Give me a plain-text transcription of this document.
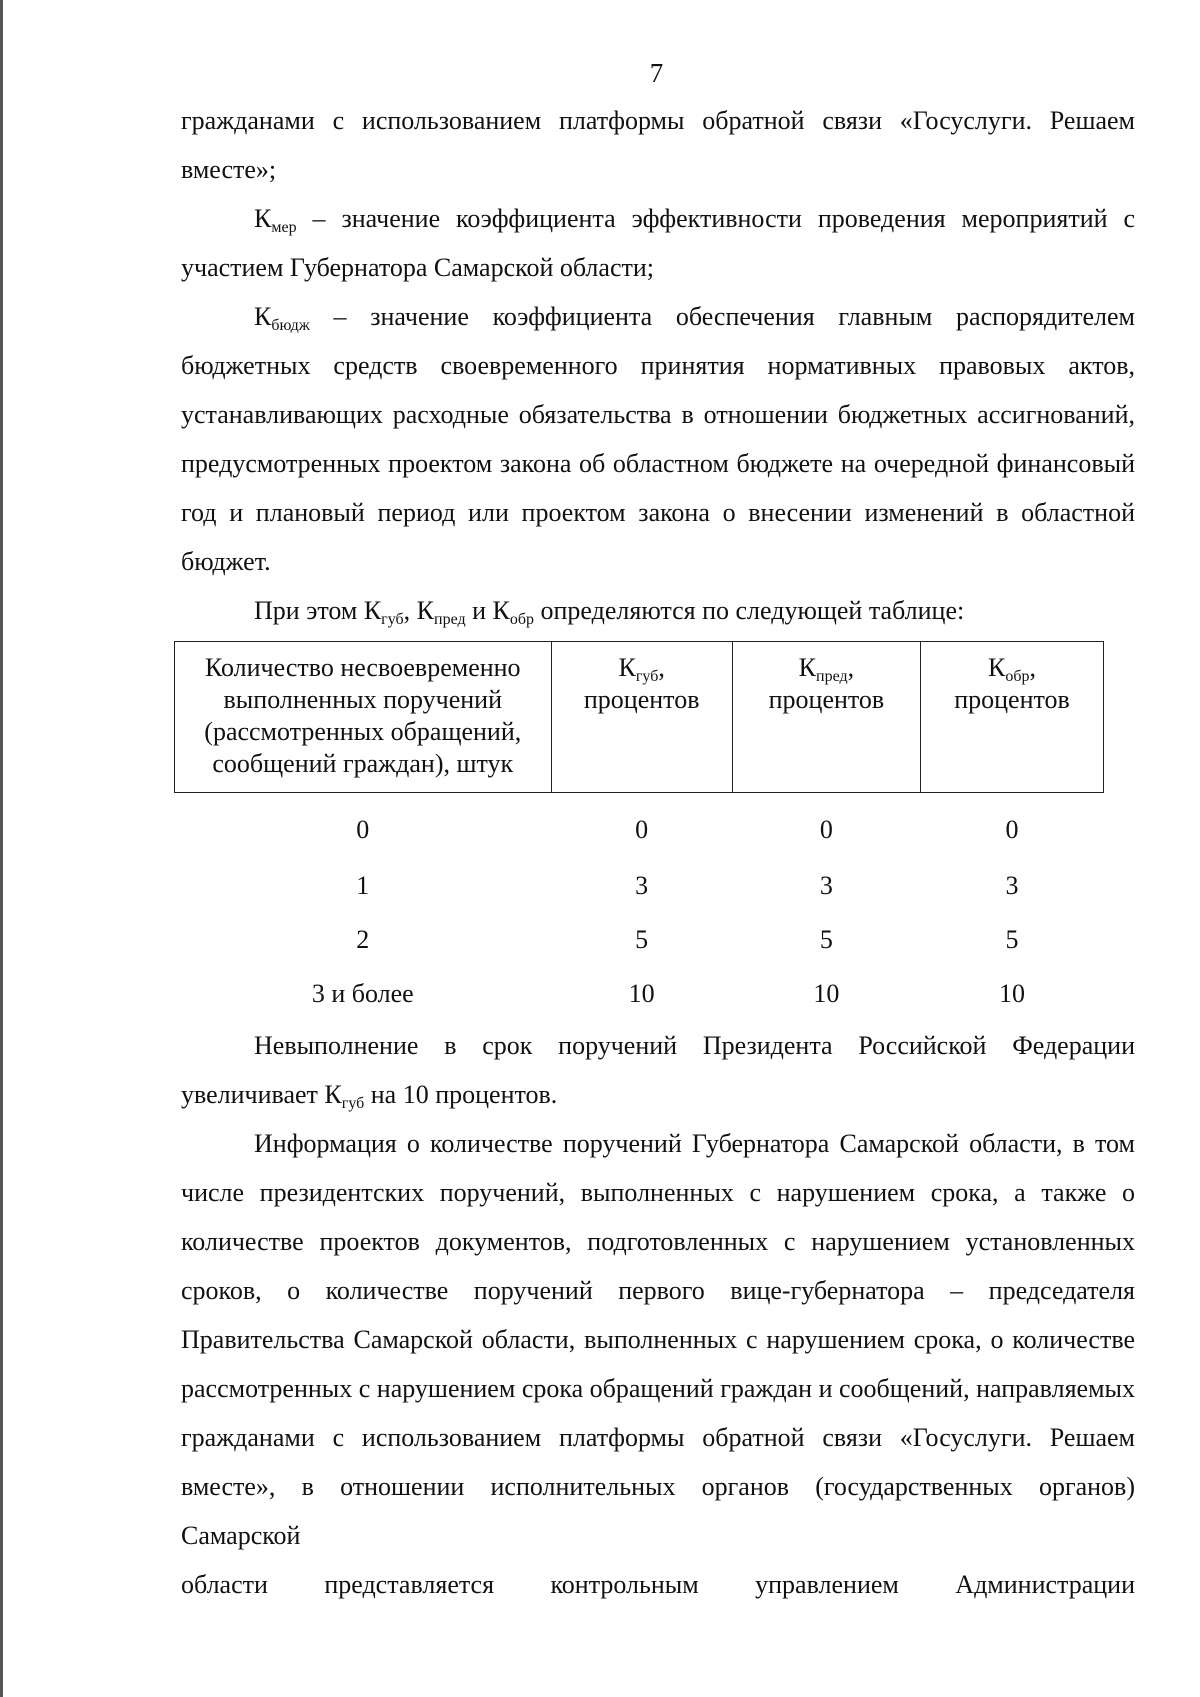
7

гражданами с использованием платформы обратной связи «Госуслуги. Решаем вместе»;

$К_{мер}$ – значение коэффициента эффективности проведения мероприятий с участием Губернатора Самарской области;

$К_{бюдж}$ – значение коэффициента обеспечения главным распорядителем бюджетных средств своевременного принятия нормативных правовых актов, устанавливающих расходные обязательства в отношении бюджетных ассигнований, предусмотренных проектом закона об областном бюджете на очередной финансовый год и плановый период или проектом закона о внесении изменений в областной бюджет.

При этом $К_{губ}$, $К_{пред}$ и $К_{обр}$ определяются по следующей таблице:

Количество несвоевременно выполненных поручений (рассмотренных обращений, сообщений граждан), штук	$К_{губ}$, процентов	$К_{пред}$, процентов	$К_{обр}$, процентов
0	0	0	0
1	3	3	3
2	5	5	5
3 и более	10	10	10

Невыполнение в срок поручений Президента Российской Федерации увеличивает $К_{губ}$ на 10 процентов.

Информация о количестве поручений Губернатора Самарской области, в том числе президентских поручений, выполненных с нарушением срока, а также о количестве проектов документов, подготовленных с нарушением установленных сроков, о количестве поручений первого вице-губернатора – председателя Правительства Самарской области, выполненных с нарушением срока, о количестве рассмотренных с нарушением срока обращений граждан и сообщений, направляемых гражданами с использованием платформы обратной связи «Госуслуги. Решаем вместе», в отношении исполнительных органов (государственных органов) Самарской

области представляется контрольным управлением Администрации
